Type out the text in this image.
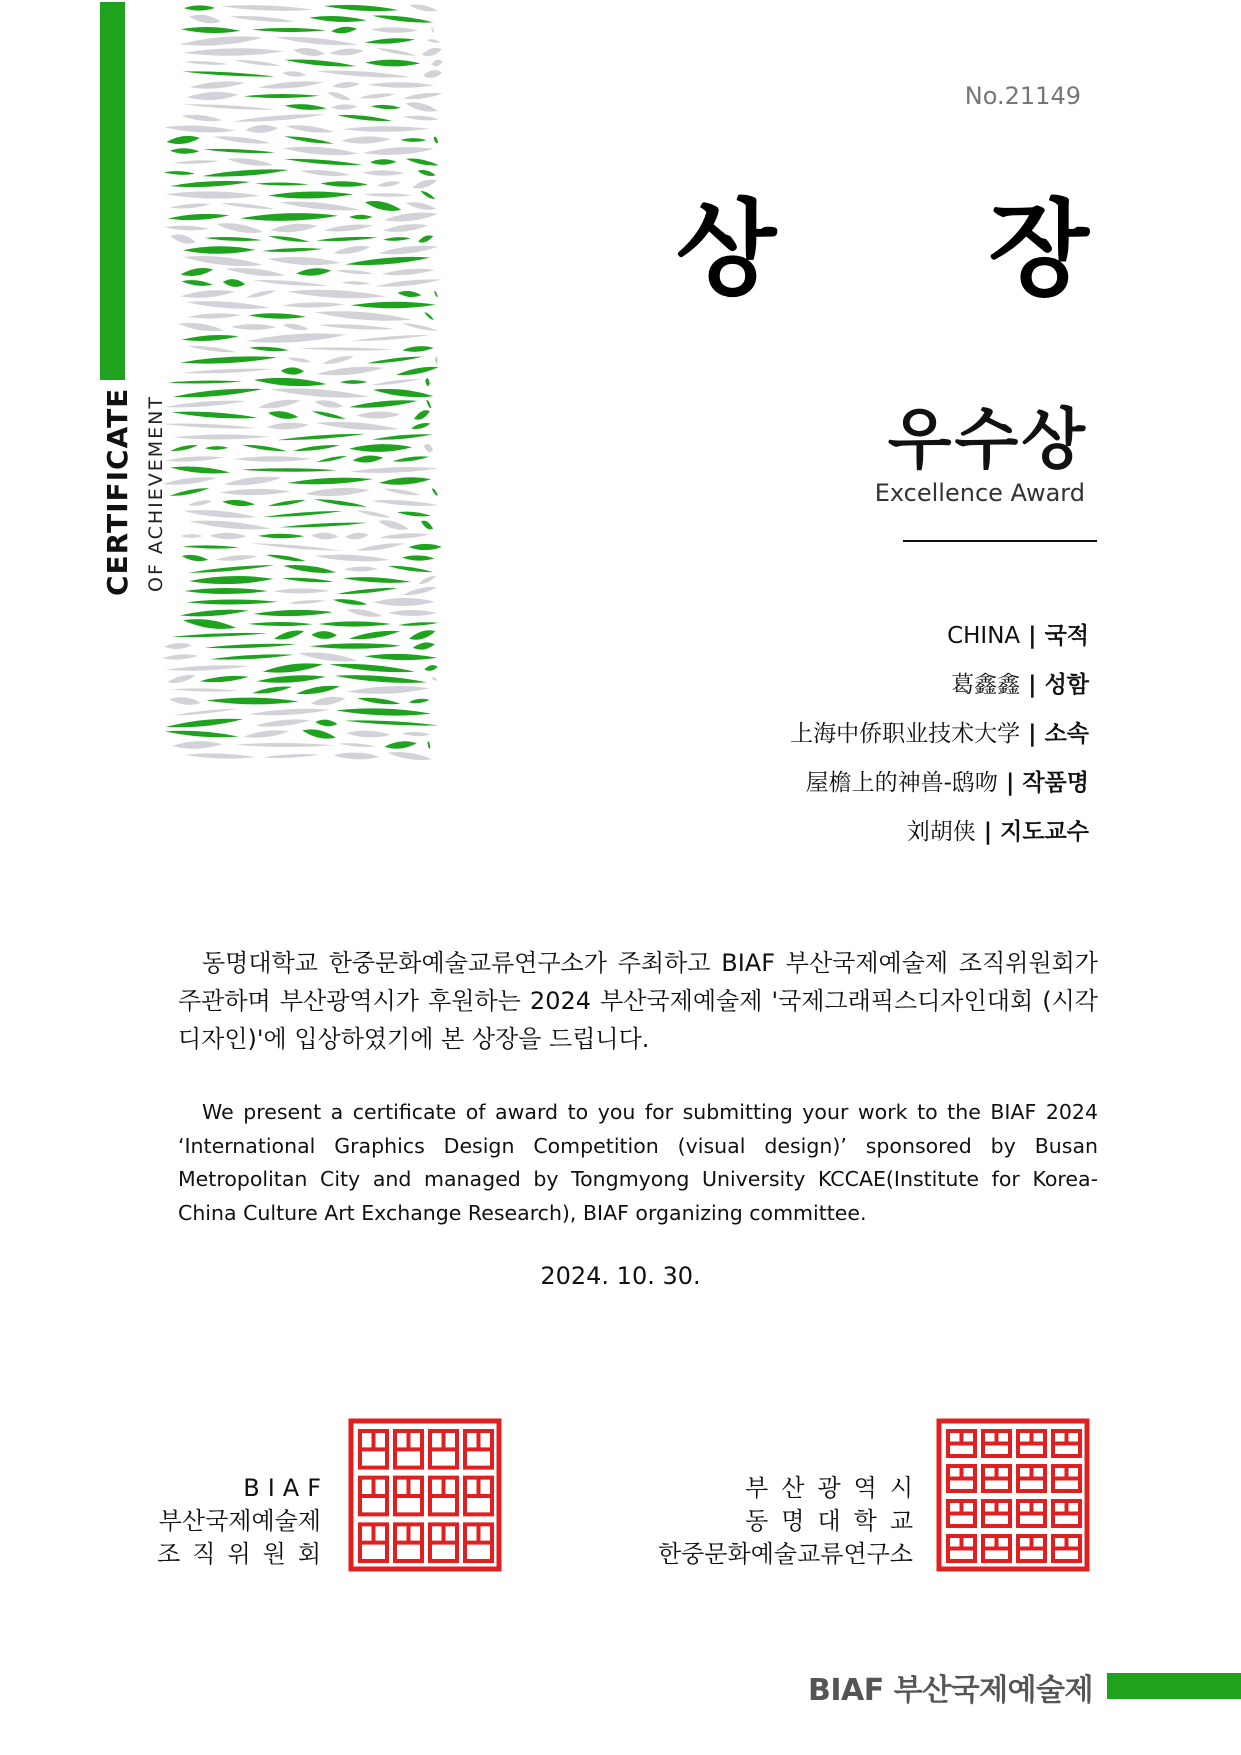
CERTIFICATE OF ACHIEVEMENT
No.21149
상 장
우수상
Excellence Award
CHINA | 국적
葛鑫鑫 | 성함
上海中侨职业技术大学 | 소속
屋檐上的神兽-鸱吻 | 작품명
刘胡侠 | 지도교수

동명대학교 한중문화예술교류연구소가 주최하고 BIAF 부산국제예술제 조직위원회가 주관하며 부산광역시가 후원하는 2024 부산국제예술제 '국제그래픽스디자인대회 (시각디자인)'에 입상하였기에 본 상장을 드립니다.

We present a certificate of award to you for submitting your work to the BIAF 2024 ‘International Graphics Design Competition (visual design)’ sponsored by Busan Metropolitan City and managed by Tongmyong University KCCAE(Institute for Korea-China Culture Art Exchange Research), BIAF organizing committee.

2024. 10. 30.
BIAF
부산국제예술제
조직위원회
부산광역시
동명대학교
한중문화예술교류연구소
BIAF 부산국제예술제
